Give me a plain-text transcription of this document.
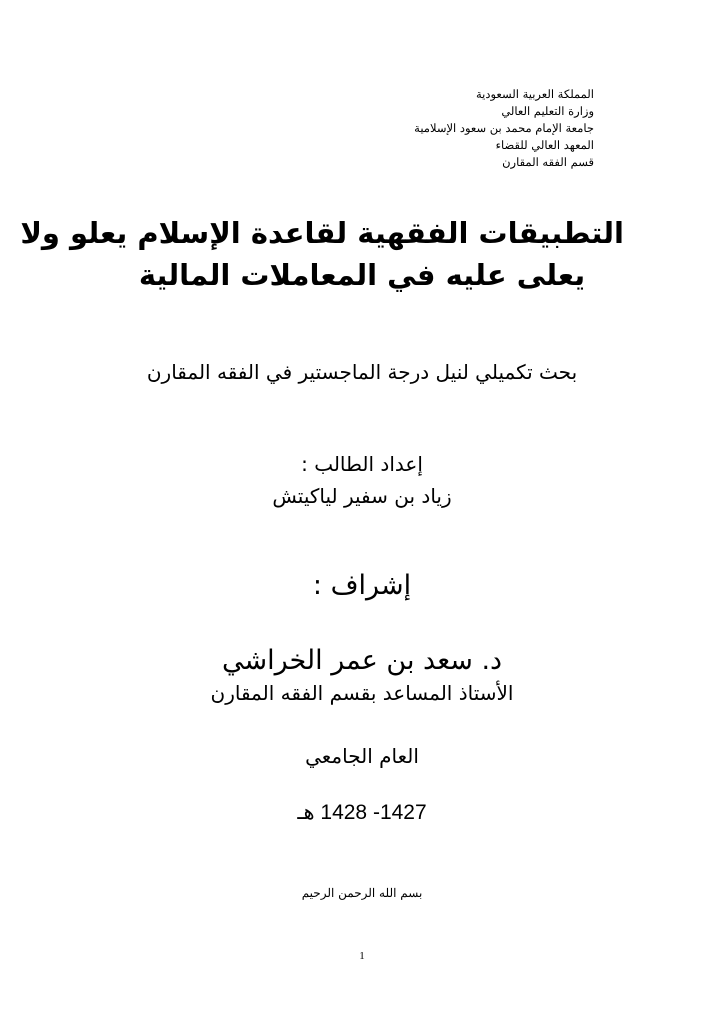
المملكة العربية السعودية
وزارة التعليم العالي
جامعة الإمام محمد بن سعود الإسلامية
المعهد العالي للقضاء
قسم الفقه المقارن
التطبيقات الفقهية لقاعدة الإسلام يعلو ولا
يعلى عليه في المعاملات المالية
بحث تكميلي لنيل درجة الماجستير في الفقه المقارن
إعداد الطالب :
زياد بن سفير لياكيتش
إشراف :
د. سعد بن عمر الخراشي
الأستاذ المساعد بقسم الفقه المقارن
العام الجامعي
1427- 1428 هـ
بسم الله الرحمن الرحيم
1
